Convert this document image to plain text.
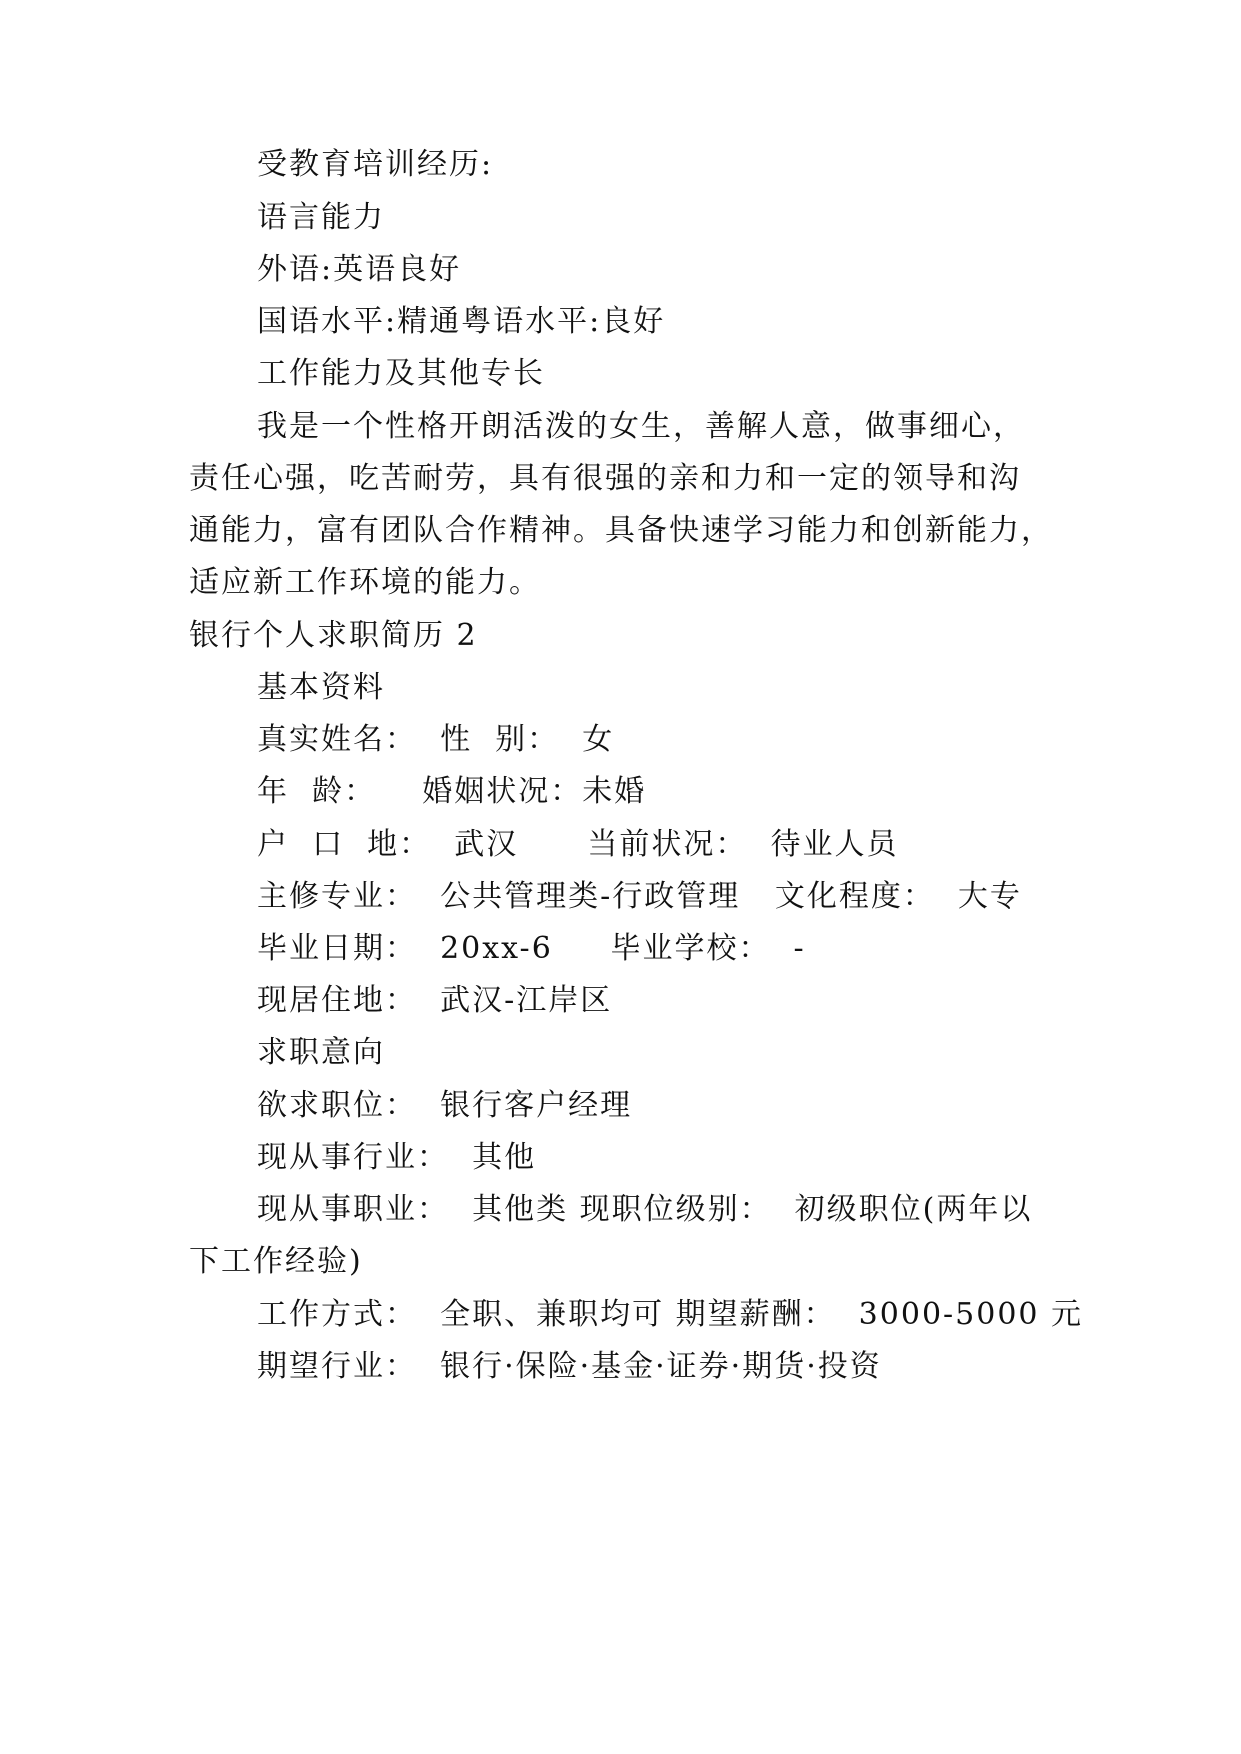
受教育培训经历:
语言能力
外语:英语良好
国语水平:精通粤语水平:良好
工作能力及其他专长
我是一个性格开朗活泼的女生，善解人意，做事细心，
责任心强，吃苦耐劳，具有很强的亲和力和一定的领导和沟
通能力，富有团队合作精神。具备快速学习能力和创新能力，
适应新工作环境的能力。
银行个人求职简历 2
基本资料
真实姓名：  性  别：  女
年  龄：    婚姻状况：未婚
户  口  地：  武汉      当前状况：  待业人员
主修专业：  公共管理类-行政管理   文化程度：  大专
毕业日期：  20xx-6     毕业学校：  -
现居住地：  武汉-江岸区
求职意向
欲求职位：  银行客户经理
现从事行业：  其他
现从事职业：  其他类 现职位级别：  初级职位(两年以
下工作经验)
工作方式：  全职、兼职均可 期望薪酬：  3000-5000 元
期望行业：  银行·保险·基金·证券·期货·投资
